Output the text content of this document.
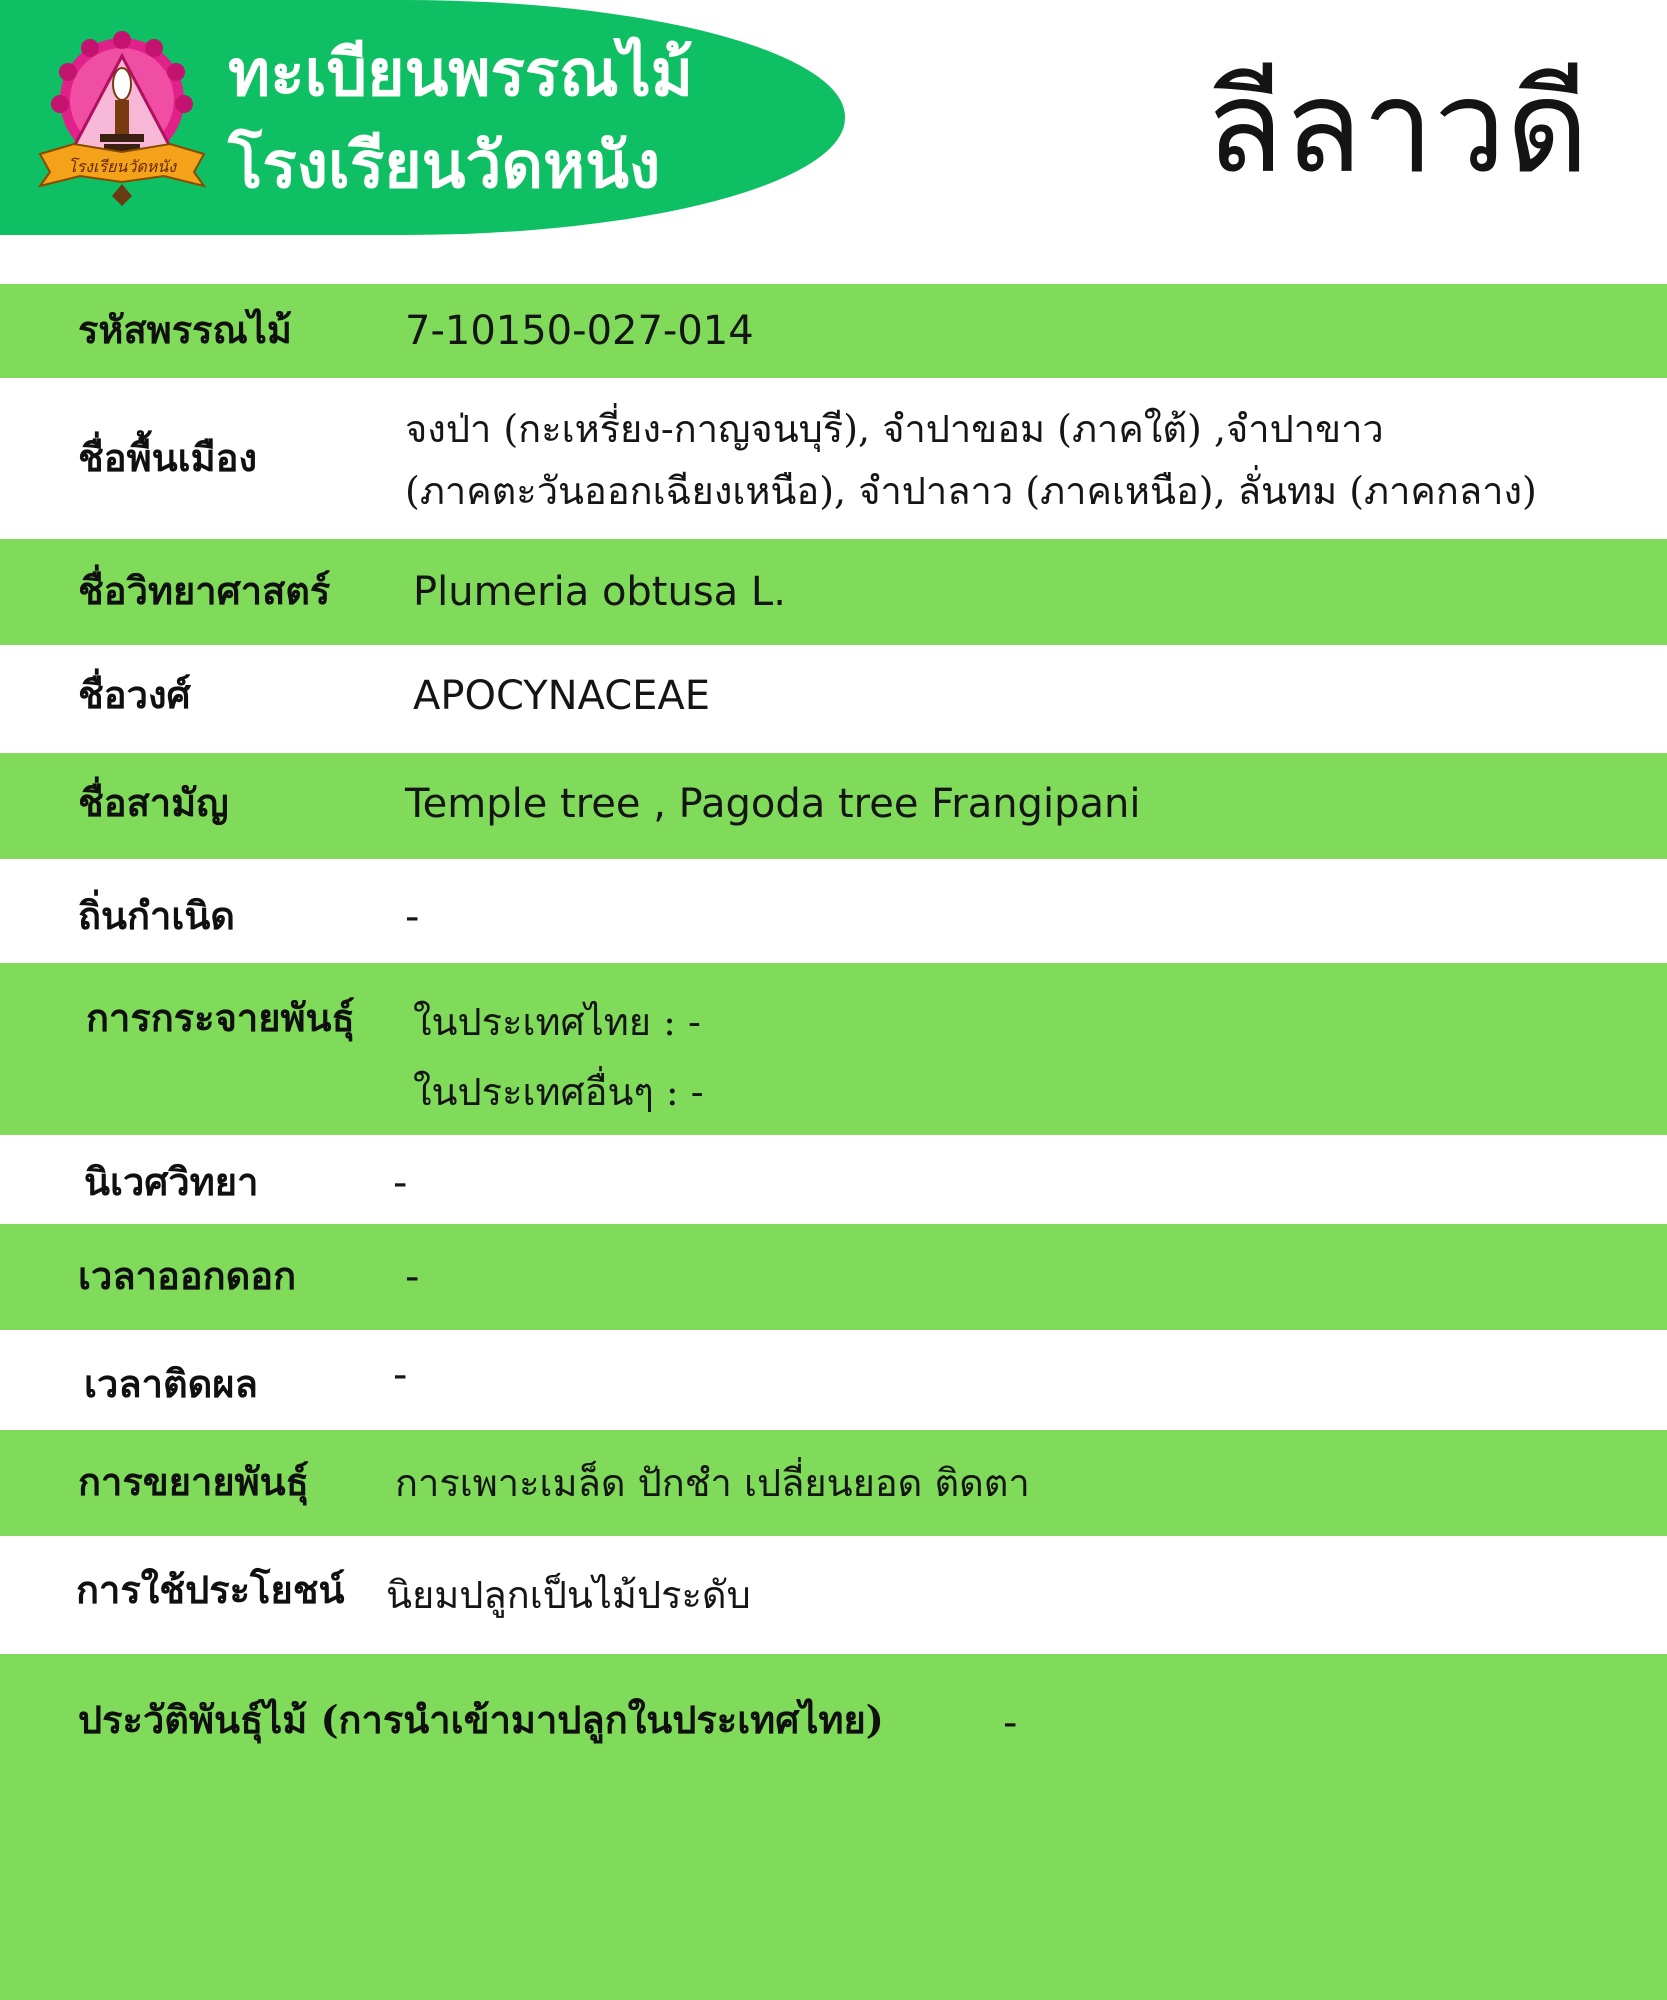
โรงเรียนวัดหนัง
ทะเบียนพรรณไม้
โรงเรียนวัดหนัง	ลีลาวดี
รหัสพรรณไม้	7-10150-027-014
ชื่อพื้นเมือง
จงป่า (กะเหรี่ยง-กาญจนบุรี), จำปาขอม (ภาคใต้) ,จำปาขาว
(ภาคตะวันออกเฉียงเหนือ), จำปาลาว (ภาคเหนือ), ลั่นทม (ภาคกลาง)
ชื่อวิทยาศาสตร์ Plumeria obtusa L.
ชื่อวงศ์	APOCYNACEAE
ชื่อสามัญ	Temple tree , Pagoda tree Frangipani
ถิ่นกำเนิด	-
การกระจายพันธุ์ ในประเทศไทย : -
ในประเทศอื่นๆ : -
นิเวศวิทยา	-
เวลาออกดอก	-
เวลาติดผล	-
การขยายพันธุ์ การเพาะเมล็ด ปักชำ เปลี่ยนยอด ติดตา
การใช้ประโยชน์ นิยมปลูกเป็นไม้ประดับ
ประวัติพันธุ์ไม้ (การนำเข้ามาปลูกในประเทศไทย)	-
